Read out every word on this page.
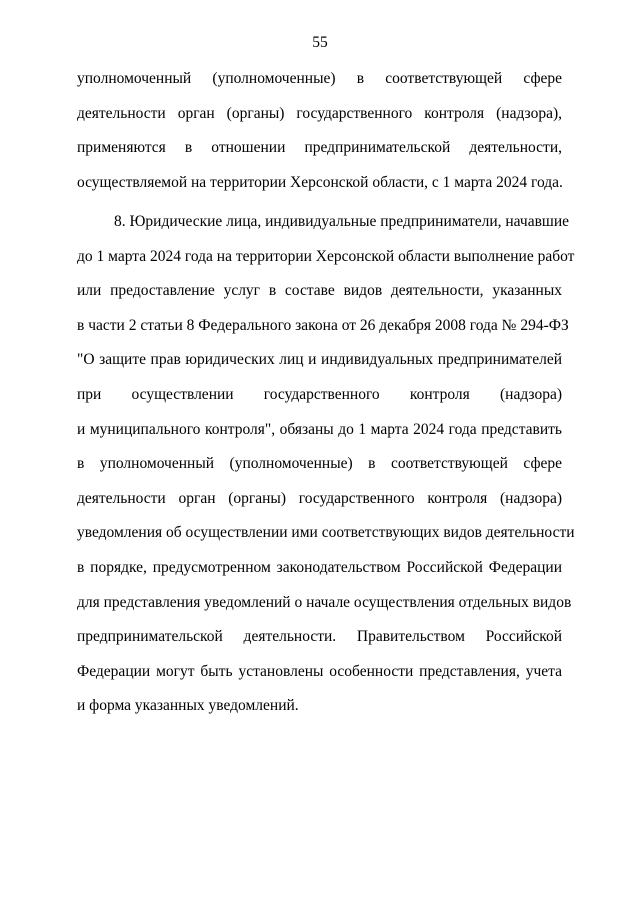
55
уполномоченный (уполномоченные) в соответствующей сфере
деятельности орган (органы) государственного контроля (надзора),
применяются в отношении предпринимательской деятельности,
осуществляемой на территории Херсонской области, с 1 марта 2024 года.
8. Юридические лица, индивидуальные предприниматели, начавшие
до 1 марта 2024 года на территории Херсонской области выполнение работ
или предоставление услуг в составе видов деятельности, указанных
в части 2 статьи 8 Федерального закона от 26 декабря 2008 года № 294-ФЗ
"О защите прав юридических лиц и индивидуальных предпринимателей
при осуществлении государственного контроля (надзора)
и муниципального контроля", обязаны до 1 марта 2024 года представить
в уполномоченный (уполномоченные) в соответствующей сфере
деятельности орган (органы) государственного контроля (надзора)
уведомления об осуществлении ими соответствующих видов деятельности
в порядке, предусмотренном законодательством Российской Федерации
для представления уведомлений о начале осуществления отдельных видов
предпринимательской деятельности. Правительством Российской
Федерации могут быть установлены особенности представления, учета
и форма указанных уведомлений.
